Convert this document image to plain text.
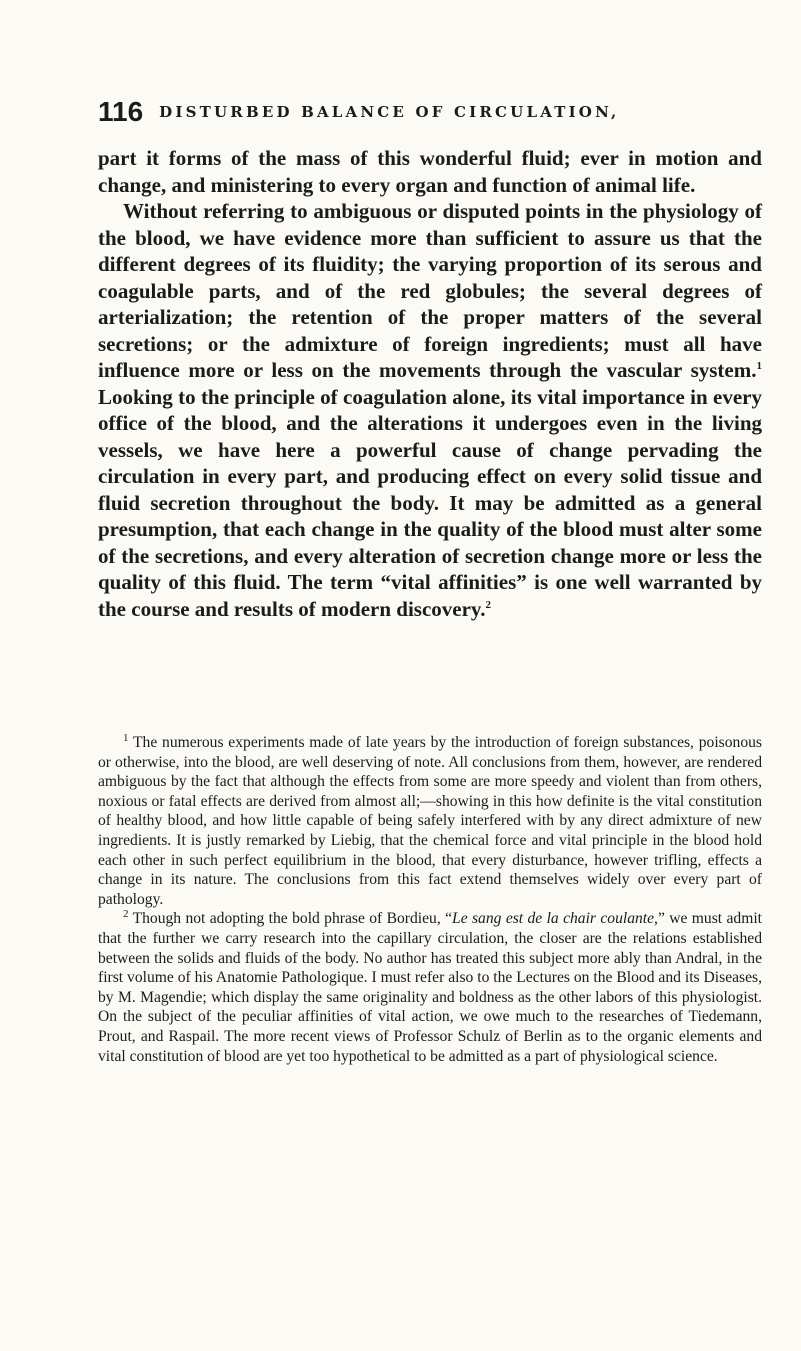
116 DISTURBED BALANCE OF CIRCULATION,

part it forms of the mass of this wonderful fluid; ever in motion and change, and ministering to every organ and function of animal life.

Without referring to ambiguous or disputed points in the physiology of the blood, we have evidence more than sufficient to assure us that the different degrees of its fluidity; the varying proportion of its serous and coagulable parts, and of the red globules; the several degrees of arterialization; the retention of the proper matters of the several secretions; or the admixture of foreign ingredients; must all have influence more or less on the movements through the vascular system.$^1$ Looking to the principle of coagulation alone, its vital importance in every office of the blood, and the alterations it undergoes even in the living vessels, we have here a powerful cause of change pervading the circulation in every part, and producing effect on every solid tissue and fluid secretion throughout the body. It may be admitted as a general presumption, that each change in the quality of the blood must alter some of the secretions, and every alteration of secretion change more or less the quality of this fluid. The term “vital affinities” is one well warranted by the course and results of modern discovery.$^2$

$^1$ The numerous experiments made of late years by the introduction of foreign substances, poisonous or otherwise, into the blood, are well deserving of note. All conclusions from them, however, are rendered ambiguous by the fact that although the effects from some are more speedy and violent than from others, noxious or fatal effects are derived from almost all;—showing in this how definite is the vital constitution of healthy blood, and how little capable of being safely interfered with by any direct admixture of new ingredients. It is justly remarked by Liebig, that the chemical force and vital principle in the blood hold each other in such perfect equilibrium in the blood, that every disturbance, however trifling, effects a change in its nature. The conclusions from this fact extend themselves widely over every part of pathology.

$^2$ Though not adopting the bold phrase of Bordieu, “Le sang est de la chair coulante,” we must admit that the further we carry research into the capillary circulation, the closer are the relations established between the solids and fluids of the body. No author has treated this subject more ably than Andral, in the first volume of his Anatomie Pathologique. I must refer also to the Lectures on the Blood and its Diseases, by M. Magendie; which display the same originality and boldness as the other labors of this physiologist. On the subject of the peculiar affinities of vital action, we owe much to the researches of Tiedemann, Prout, and Raspail. The more recent views of Professor Schulz of Berlin as to the organic elements and vital constitution of blood are yet too hypothetical to be admitted as a part of physiological science.
